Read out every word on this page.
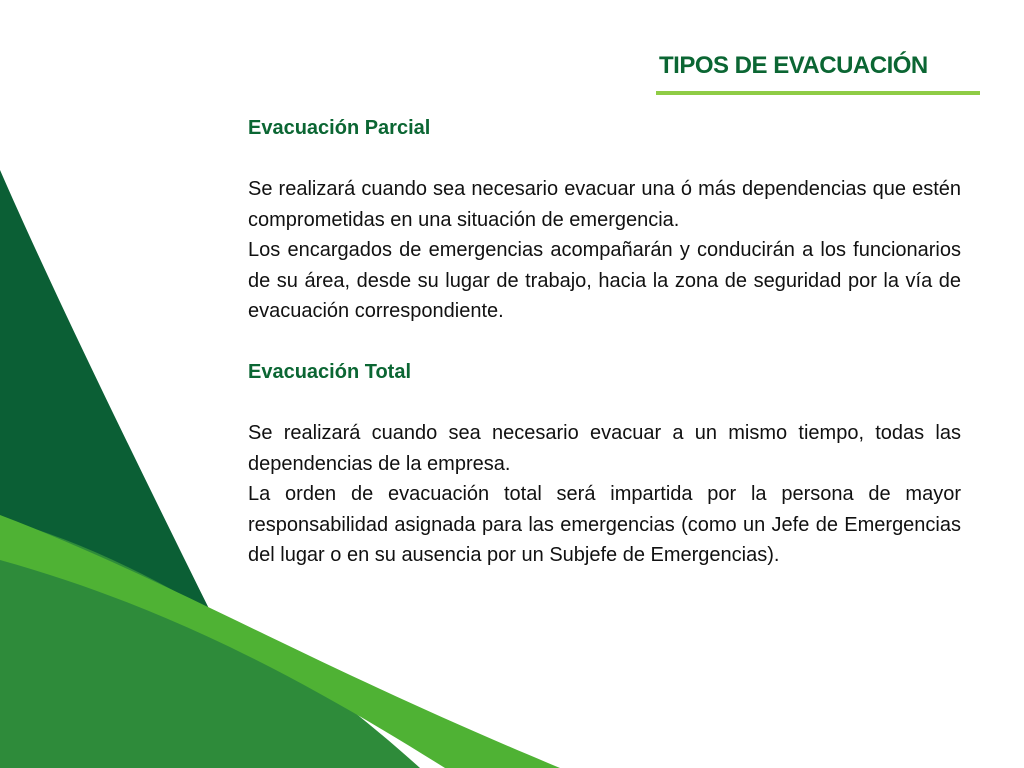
TIPOS DE EVACUACIÓN
Evacuación Parcial

Se realizará cuando sea necesario evacuar una ó más dependencias que estén comprometidas en una situación de emergencia.

Los encargados de emergencias acompañarán y conducirán a los funcionarios de su área, desde su lugar de trabajo, hacia la zona de seguridad por la vía de evacuación correspondiente.

Evacuación Total

Se realizará cuando sea necesario evacuar a un mismo tiempo, todas las dependencias de la empresa.

La orden de evacuación total será impartida por la persona de mayor responsabilidad asignada para las emergencias (como un Jefe de Emergencias del lugar o en su ausencia por un Subjefe de Emergencias).
